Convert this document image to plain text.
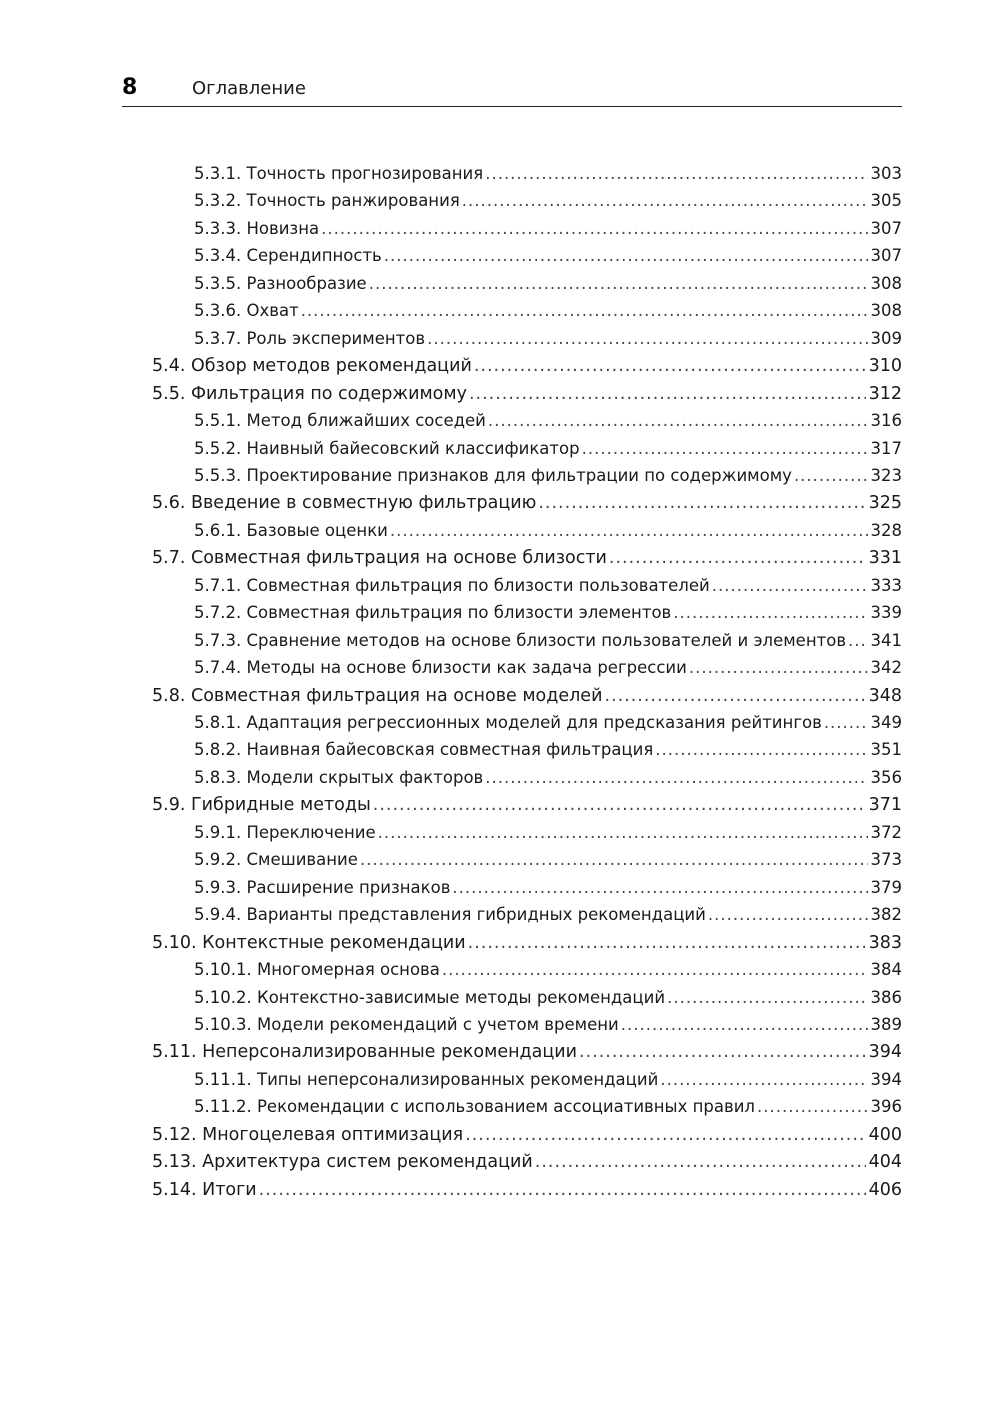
8	Оглавление
5.3.1. Точность прогнозирования .....	303
5.3.2. Точность ранжирования .....	305
5.3.3. Новизна .....	307
5.3.4. Серендипность .....	307
5.3.5. Разнообразие .....	308
5.3.6. Охват .....	308
5.3.7. Роль экспериментов .....	309
5.4. Обзор методов рекомендаций .....	310
5.5. Фильтрация по содержимому .....	312
5.5.1. Метод ближайших соседей .....	316
5.5.2. Наивный байесовский классификатор .....	317
5.5.3. Проектирование признаков для фильтрации по содержимому .....	323
5.6. Введение в совместную фильтрацию .....	325
5.6.1. Базовые оценки .....	328
5.7. Совместная фильтрация на основе близости .....	331
5.7.1. Совместная фильтрация по близости пользователей .....	333
5.7.2. Совместная фильтрация по близости элементов .....	339
5.7.3. Сравнение методов на основе близости пользователей и элементов ..... 341
5.7.4. Методы на основе близости как задача регрессии .....	342
5.8. Совместная фильтрация на основе моделей .....	348
5.8.1. Адаптация регрессионных моделей для предсказания рейтингов .....	349
5.8.2. Наивная байесовская совместная фильтрация .....	351
5.8.3. Модели скрытых факторов .....	356
5.9. Гибридные методы .....	371
5.9.1. Переключение .....	372
5.9.2. Смешивание .....	373
5.9.3. Расширение признаков .....	379
5.9.4. Варианты представления гибридных рекомендаций .....	382
5.10. Контекстные рекомендации .....	383
5.10.1. Многомерная основа .....	384
5.10.2. Контекстно-зависимые методы рекомендаций .....	386
5.10.3. Модели рекомендаций с учетом времени .....	389
5.11. Неперсонализированные рекомендации .....	394
5.11.1. Типы неперсонализированных рекомендаций .....	394
5.11.2. Рекомендации с использованием ассоциативных правил .....	396
5.12. Многоцелевая оптимизация .....	400
5.13. Архитектура систем рекомендаций .....	404
5.14. Итоги .....	406
